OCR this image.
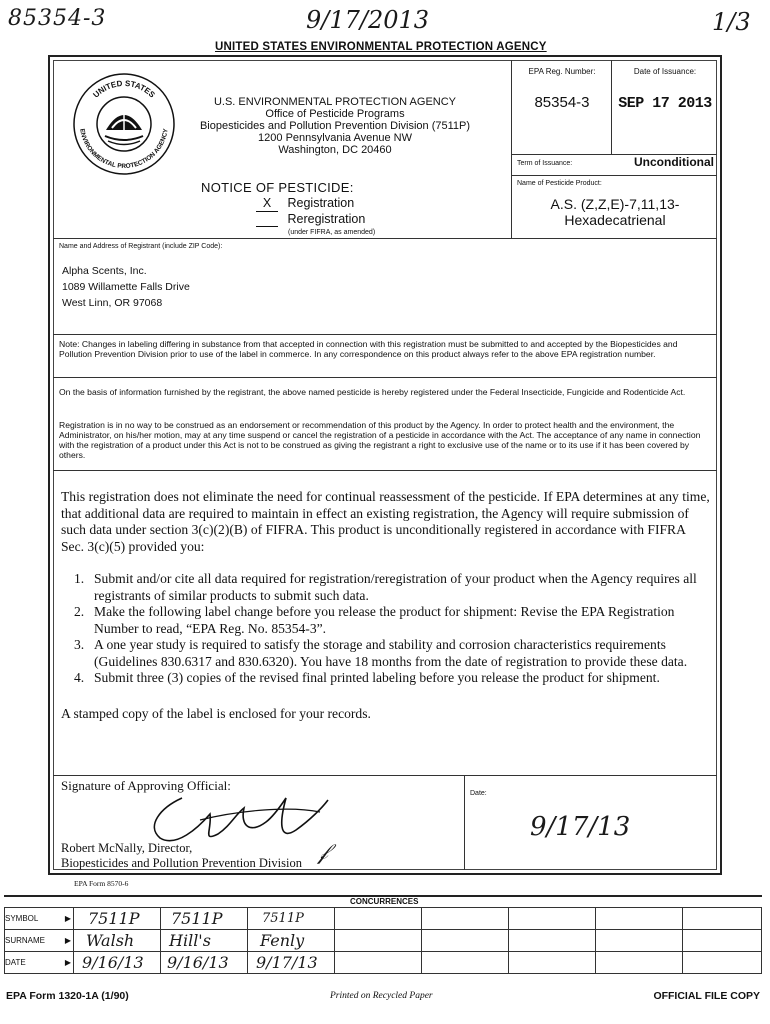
85354-3	9/17/2013	1/3
UNITED STATES ENVIRONMENTAL PROTECTION AGENCY
UNITED STATES
ENVIRONMENTAL PROTECTION AGENCY
U.S. ENVIRONMENTAL PROTECTION AGENCY
Office of Pesticide Programs
Biopesticides and Pollution Prevention Division (7511P)
1200 Pennsylvania Avenue NW
Washington, DC 20460
NOTICE OF PESTICIDE:
X Registration
Reregistration
(under FIFRA, as amended)
EPA Reg. Number:
85354-3
Date of Issuance:
SEP 17 2013
Term of Issuance:	Unconditional
Name of Pesticide Product:
A.S. (Z,Z,E)-7,11,13-
Hexadecatrienal
Name and Address of Registrant (include ZIP Code):
Alpha Scents, Inc.
1089 Willamette Falls Drive
West Linn, OR 97068
Note: Changes in labeling differing in substance from that accepted in connection with this registration must be submitted to and accepted by the Biopesticides and Pollution Prevention Division prior to use of the label in commerce. In any correspondence on this product always refer to the above EPA registration number.
On the basis of information furnished by the registrant, the above named pesticide is hereby registered under the Federal Insecticide, Fungicide and Rodenticide Act.
Registration is in no way to be construed as an endorsement or recommendation of this product by the Agency. In order to protect health and the environment, the Administrator, on his/her motion, may at any time suspend or cancel the registration of a pesticide in accordance with the Act. The acceptance of any name in connection with the registration of a product under this Act is not to be construed as giving the registrant a right to exclusive use of the name or to its use if it has been covered by others.
This registration does not eliminate the need for continual reassessment of the pesticide. If EPA determines at any time, that additional data are required to maintain in effect an existing registration, the Agency will require submission of such data under section 3(c)(2)(B) of FIFRA. This product is unconditionally registered in accordance with FIFRA Sec. 3(c)(5) provided you:
1. Submit and/or cite all data required for registration/reregistration of your product when the Agency requires all registrants of similar products to submit such data.
2. Make the following label change before you release the product for shipment: Revise the EPA Registration Number to read, “EPA Reg. No. 85354-3”.
3. A one year study is required to satisfy the storage and stability and corrosion characteristics requirements (Guidelines 830.6317 and 830.6320). You have 18 months from the date of registration to provide these data.
4. Submit three (3) copies of the revised final printed labeling before you release the product for shipment.
A stamped copy of the label is enclosed for your records.
Signature of Approving Official:
Robert McNally, Director,
Biopesticides and Pollution Prevention Division 𝒻
Date:
9/17/13
EPA Form 8570-6
CONCURRENCES
SYMBOL ▶	7511P	7511P	7511P					
SURNAME ▶	Walsh	Hill's	Fenly					
DATE ▶	9/16/13	9/16/13	9/17/13					
EPA Form 1320-1A (1/90)	Printed on Recycled Paper	OFFICIAL FILE COPY
